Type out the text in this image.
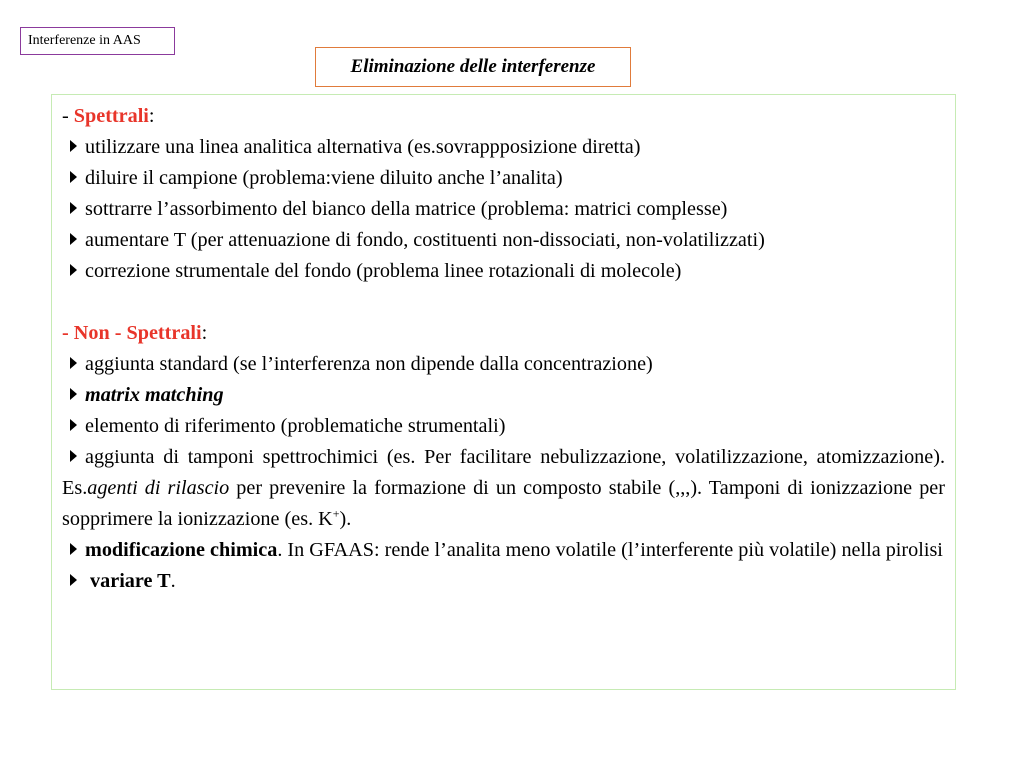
Interferenze in AAS
Eliminazione delle interferenze

- Spettrali:

utilizzare una linea analitica alternativa (es.sovrappposizione diretta)

diluire il campione (problema:viene diluito anche l’analita)

sottrarre l’assorbimento del bianco della matrice (problema: matrici complesse)

aumentare T (per attenuazione di fondo, costituenti non-dissociati, non-volatilizzati)

correzione strumentale del fondo (problema linee rotazionali di molecole)

- Non - Spettrali:

aggiunta standard (se l’interferenza non dipende dalla concentrazione)

matrix matching

elemento di riferimento (problematiche strumentali)

aggiunta di tamponi spettrochimici (es. Per facilitare nebulizzazione, volatilizzazione, atomizzazione). Es.agenti di rilascio per prevenire la formazione di un composto stabile (,,,). Tamponi di ionizzazione per sopprimere la ionizzazione (es. K+).

modificazione chimica. In GFAAS: rende l’analita meno volatile (l’interferente più volatile) nella pirolisi

variare T.
